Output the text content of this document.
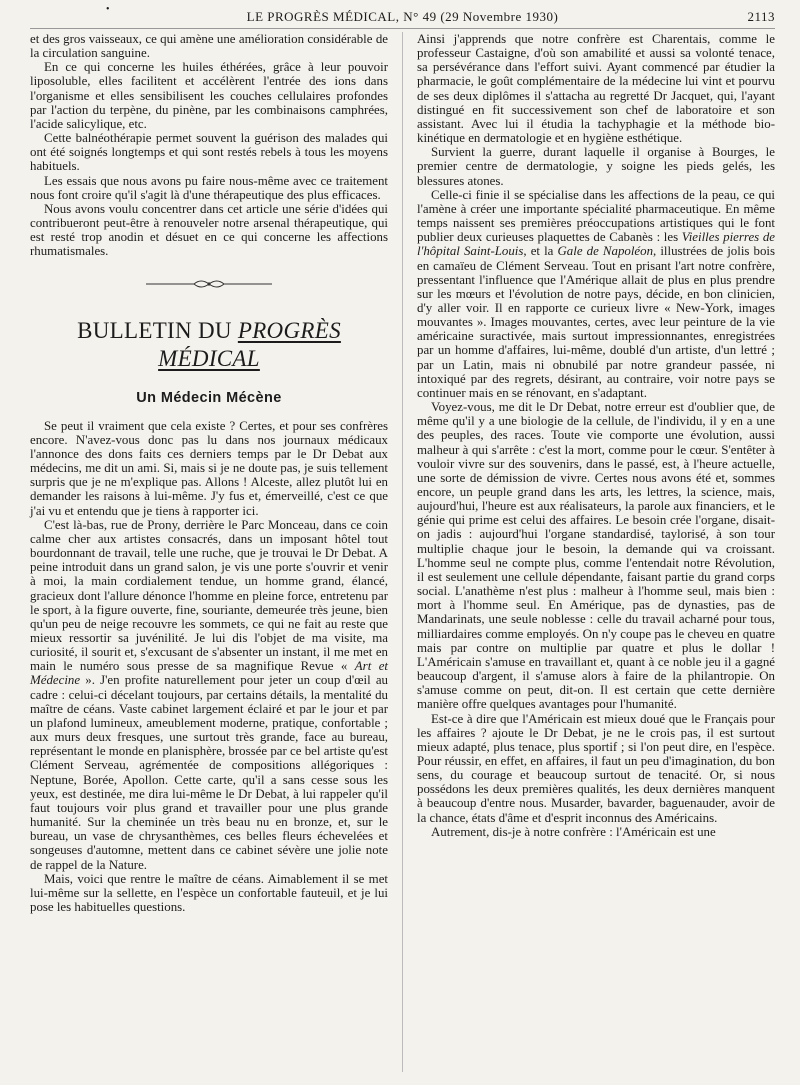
•	LE PROGRÈS MÉDICAL, N° 49 (29 Novembre 1930)	2113

et des gros vaisseaux, ce qui amène une amélioration considérable de la circulation sanguine.

En ce qui concerne les huiles éthérées, grâce à leur pouvoir liposoluble, elles facilitent et accélèrent l'entrée des ions dans l'organisme et elles sensibilisent les couches cellulaires profondes par l'action du terpène, du pinène, par les combinaisons camphrées, l'acide salicylique, etc.

Cette balnéothérapie permet souvent la guérison des malades qui ont été soignés longtemps et qui sont restés rebels à tous les moyens habituels.

Les essais que nous avons pu faire nous-même avec ce traitement nous font croire qu'il s'agit là d'une thérapeutique des plus efficaces.

Nous avons voulu concentrer dans cet article une série d'idées qui contribueront peut-être à renouveler notre arsenal thérapeutique, qui est resté trop anodin et désuet en ce qui concerne les affections rhumatismales.

BULLETIN DU PROGRÈS MÉDICAL
Un Médecin Mécène

Se peut il vraiment que cela existe ? Certes, et pour ses confrères encore. N'avez-vous donc pas lu dans nos journaux médicaux l'annonce des dons faits ces derniers temps par le Dr Debat aux médecins, me dit un ami. Si, mais si je ne doute pas, je suis tellement surpris que je ne m'explique pas. Allons ! Alceste, allez plutôt lui en demander les raisons à lui-même. J'y fus et, émerveillé, c'est ce que j'ai vu et entendu que je tiens à rapporter ici.

C'est là-bas, rue de Prony, derrière le Parc Monceau, dans ce coin calme cher aux artistes consacrés, dans un imposant hôtel tout bourdonnant de travail, telle une ruche, que je trouvai le Dr Debat. A peine introduit dans un grand salon, je vis une porte s'ouvrir et venir à moi, la main cordialement tendue, un homme grand, élancé, gracieux dont l'allure dénonce l'homme en pleine force, entretenu par le sport, à la figure ouverte, fine, souriante, demeurée très jeune, bien qu'un peu de neige recouvre les sommets, ce qui ne fait au reste que mieux ressortir sa juvénilité. Je lui dis l'objet de ma visite, ma curiosité, il sourit et, s'excusant de s'absenter un instant, il me met en main le numéro sous presse de sa magnifique Revue « Art et Médecine ». J'en profite naturellement pour jeter un coup d'œil au cadre : celui-ci décelant toujours, par certains détails, la mentalité du maître de céans. Vaste cabinet largement éclairé et par le jour et par un plafond lumineux, ameublement moderne, pratique, confortable ; aux murs deux fresques, une surtout très grande, face au bureau, représentant le monde en planisphère, brossée par ce bel artiste qu'est Clément Serveau, agrémentée de compositions allégoriques : Neptune, Borée, Apollon. Cette carte, qu'il a sans cesse sous les yeux, est destinée, me dira lui-même le Dr Debat, à lui rappeler qu'il faut toujours voir plus grand et travailler pour une plus grande humanité. Sur la cheminée un très beau nu en bronze, et, sur le bureau, un vase de chrysanthèmes, ces belles fleurs échevelées et songeuses d'automne, mettent dans ce cabinet sévère une jolie note de rappel de la Nature.

Mais, voici que rentre le maître de céans. Aimablement il se met lui-même sur la sellette, en l'espèce un confortable fauteuil, et je lui pose les habituelles questions.

Ainsi j'apprends que notre confrère est Charentais, comme le professeur Castaigne, d'où son amabilité et aussi sa volonté tenace, sa persévérance dans l'effort suivi. Ayant commencé par étudier la pharmacie, le goût complémentaire de la médecine lui vint et pourvu de ses deux diplômes il s'attacha au regretté Dr Jacquet, qui, l'ayant distingué en fit successivement son chef de laboratoire et son assistant. Avec lui il étudia la tachyphagie et la méthode bio-kinétique en dermatologie et en hygiène esthétique.

Survient la guerre, durant laquelle il organise à Bourges, le premier centre de dermatologie, y soigne les pieds gelés, les blessures atones.

Celle-ci finie il se spécialise dans les affections de la peau, ce qui l'amène à créer une importante spécialité pharmaceutique. En même temps naissent ses premières préoccupations artistiques qui le font publier deux curieuses plaquettes de Cabanès : les Vieilles pierres de l'hôpital Saint-Louis, et la Gale de Napoléon, illustrées de jolis bois en camaïeu de Clément Serveau. Tout en prisant l'art notre confrère, pressentant l'influence que l'Amérique allait de plus en plus prendre sur les mœurs et l'évolution de notre pays, décide, en bon clinicien, d'y aller voir. Il en rapporte ce curieux livre « New-York, images mouvantes ». Images mouvantes, certes, avec leur peinture de la vie américaine suractivée, mais surtout impressionnantes, enregistrées par un homme d'affaires, lui-même, doublé d'un artiste, d'un lettré ; par un Latin, mais ni obnubilé par notre grandeur passée, ni intoxiqué par des regrets, désirant, au contraire, voir notre pays se continuer mais en se rénovant, en s'adaptant.

Voyez-vous, me dit le Dr Debat, notre erreur est d'oublier que, de même qu'il y a une biologie de la cellule, de l'individu, il y en a une des peuples, des races. Toute vie comporte une évolution, aussi malheur à qui s'arrête : c'est la mort, comme pour le cœur. S'entêter à vouloir vivre sur des souvenirs, dans le passé, est, à l'heure actuelle, une sorte de démission de vivre. Certes nous avons été et, sommes encore, un peuple grand dans les arts, les lettres, la science, mais, aujourd'hui, l'heure est aux réalisateurs, la parole aux financiers, et le génie qui prime est celui des affaires. Le besoin crée l'organe, disait-on jadis : aujourd'hui l'organe standardisé, taylorisé, à son tour multiplie chaque jour le besoin, la demande qui va croissant. L'homme seul ne compte plus, comme l'entendait notre Révolution, il est seulement une cellule dépendante, faisant partie du grand corps social. L'anathème n'est plus : malheur à l'homme seul, mais bien : mort à l'homme seul. En Amérique, pas de dynasties, pas de Mandarinats, une seule noblesse : celle du travail acharné pour tous, milliardaires comme employés. On n'y coupe pas le cheveu en quatre mais par contre on multiplie par quatre et plus le dollar ! L'Américain s'amuse en travaillant et, quant à ce noble jeu il a gagné beaucoup d'argent, il s'amuse alors à faire de la philantropie. On s'amuse comme on peut, dit-on. Il est certain que cette dernière manière offre quelques avantages pour l'humanité.

Est-ce à dire que l'Américain est mieux doué que le Français pour les affaires ? ajoute le Dr Debat, je ne le crois pas, il est surtout mieux adapté, plus tenace, plus sportif ; si l'on peut dire, en l'espèce. Pour réussir, en effet, en affaires, il faut un peu d'imagination, du bon sens, du courage et beaucoup surtout de tenacité. Or, si nous possédons les deux premières qualités, les deux dernières manquent à beaucoup d'entre nous. Musarder, bavarder, baguenauder, avoir de la chance, états d'âme et d'esprit inconnus des Américains.

Autrement, dis-je à notre confrère : l'Américain est une
